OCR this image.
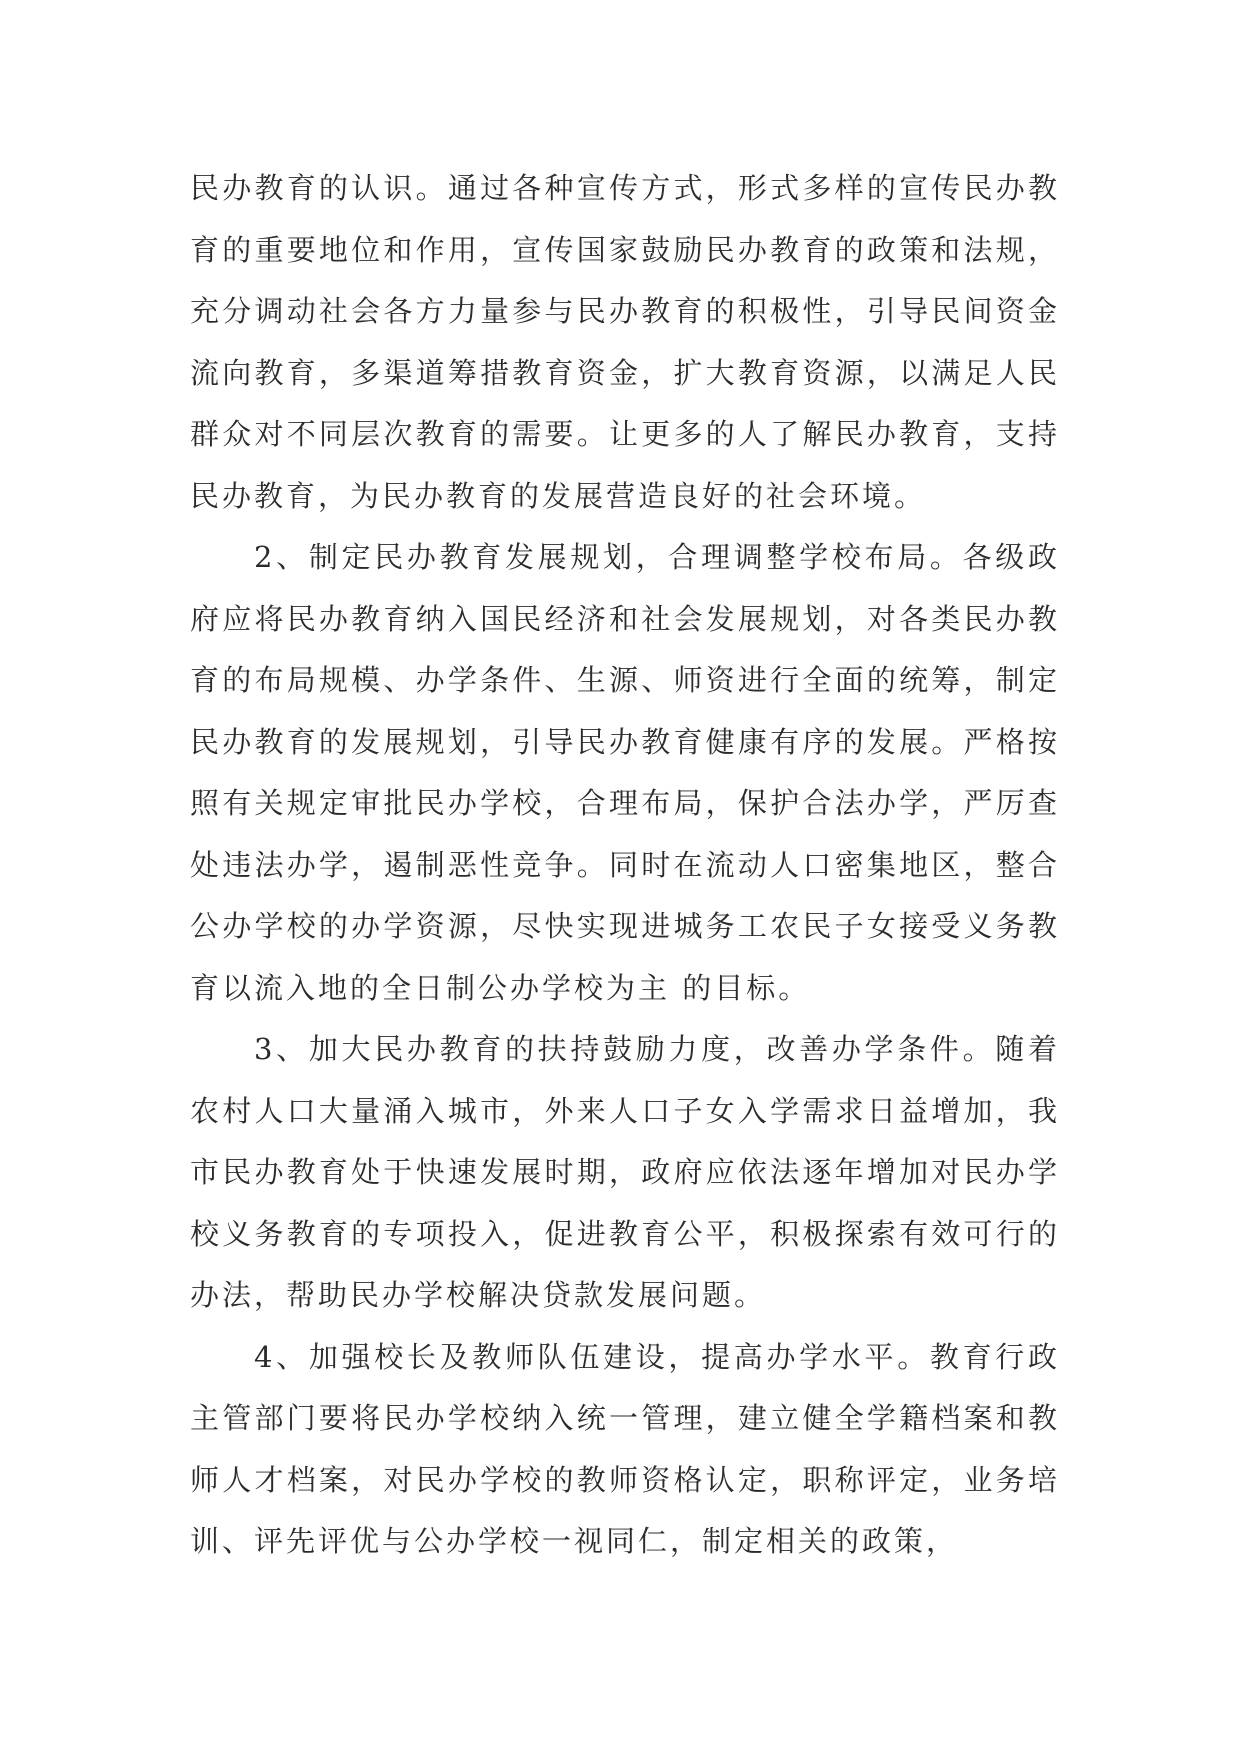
民办教育的认识。通过各种宣传方式，形式多样的宣传民办教育的重要地位和作用，宣传国家鼓励民办教育的政策和法规，充分调动社会各方力量参与民办教育的积极性，引导民间资金流向教育，多渠道筹措教育资金，扩大教育资源，以满足人民群众对不同层次教育的需要。让更多的人了解民办教育，支持民办教育，为民办教育的发展营造良好的社会环境。

2、制定民办教育发展规划，合理调整学校布局。各级政府应将民办教育纳入国民经济和社会发展规划，对各类民办教育的布局规模、办学条件、生源、师资进行全面的统筹，制定民办教育的发展规划，引导民办教育健康有序的发展。严格按照有关规定审批民办学校，合理布局，保护合法办学，严厉查处违法办学，遏制恶性竞争。同时在流动人口密集地区，整合公办学校的办学资源，尽快实现进城务工农民子女接受义务教育以流入地的全日制公办学校为主 的目标。

3、加大民办教育的扶持鼓励力度，改善办学条件。随着农村人口大量涌入城市，外来人口子女入学需求日益增加，我市民办教育处于快速发展时期，政府应依法逐年增加对民办学校义务教育的专项投入，促进教育公平，积极探索有效可行的办法，帮助民办学校解决贷款发展问题。

4、加强校长及教师队伍建设，提高办学水平。教育行政主管部门要将民办学校纳入统一管理，建立健全学籍档案和教师人才档案，对民办学校的教师资格认定，职称评定，业务培训、评先评优与公办学校一视同仁，制定相关的政策，
